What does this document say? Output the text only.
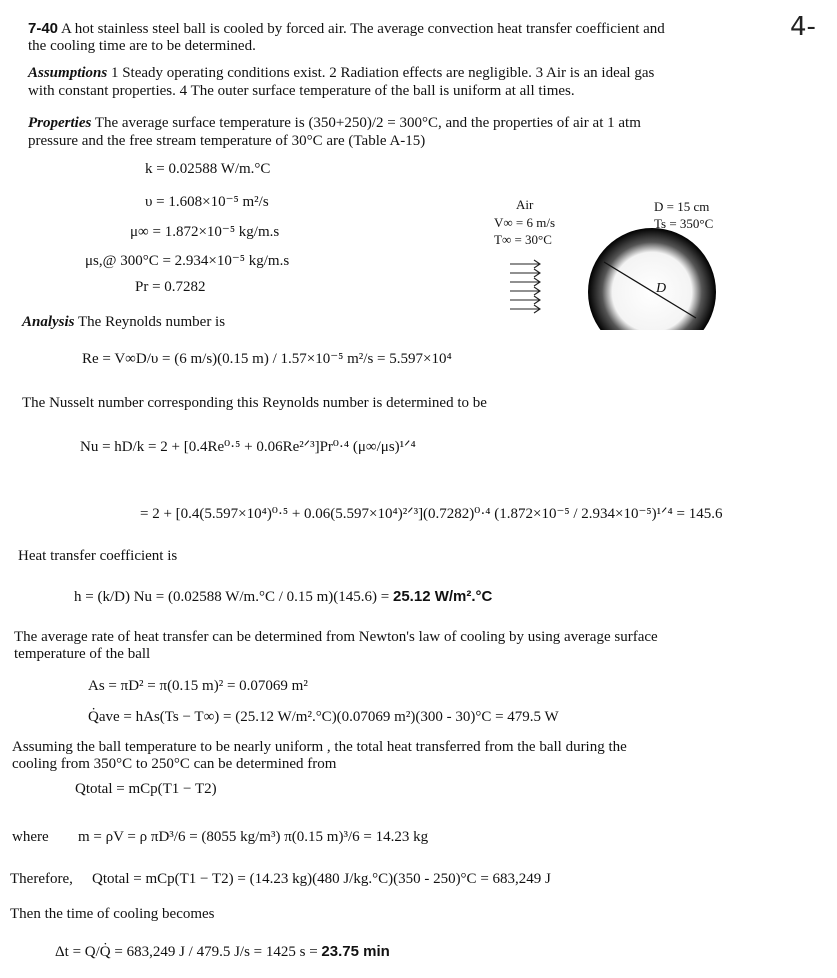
4-
7-40 A hot stainless steel ball is cooled by forced air. The average convection heat transfer coefficient and
the cooling time are to be determined.
Assumptions 1 Steady operating conditions exist. 2 Radiation effects are negligible. 3 Air is an ideal gas
with constant properties. 4 The outer surface temperature of the ball is uniform at all times.
Properties The average surface temperature is (350+250)/2 = 300°C, and the properties of air at 1 atm
pressure and the free stream temperature of 30°C are (Table A-15)
k = 0.02588 W/m.°C
υ = 1.608×10⁻⁵ m²/s
μ∞ = 1.872×10⁻⁵ kg/m.s
μs,@ 300°C = 2.934×10⁻⁵ kg/m.s
Pr = 0.7282
Air
V∞ = 6 m/s
T∞ = 30°C
D = 15 cm
Ts = 350°C
D
Analysis The Reynolds number is
Re = V∞D/υ = (6 m/s)(0.15 m) / 1.57×10⁻⁵ m²/s = 5.597×10⁴
The Nusselt number corresponding this Reynolds number is determined to be
Nu = hD/k = 2 + [0.4Re⁰·⁵ + 0.06Re²ᐟ³]Pr⁰·⁴ (μ∞/μs)¹ᐟ⁴
= 2 + [0.4(5.597×10⁴)⁰·⁵ + 0.06(5.597×10⁴)²ᐟ³](0.7282)⁰·⁴ (1.872×10⁻⁵ / 2.934×10⁻⁵)¹ᐟ⁴ = 145.6
Heat transfer coefficient is
h = (k/D) Nu = (0.02588 W/m.°C / 0.15 m)(145.6) = 25.12 W/m².°C
The average rate of heat transfer can be determined from Newton's law of cooling by using average surface
temperature of the ball
As = πD² = π(0.15 m)² = 0.07069 m²
Q̇ave = hAs(Ts − T∞) = (25.12 W/m².°C)(0.07069 m²)(300 - 30)°C = 479.5 W
Assuming the ball temperature to be nearly uniform , the total heat transferred from the ball during the
cooling from 350°C to 250°C can be determined from
Qtotal = mCp(T1 − T2)
where m = ρV = ρ πD³/6 = (8055 kg/m³) π(0.15 m)³/6 = 14.23 kg
Therefore, Qtotal = mCp(T1 − T2) = (14.23 kg)(480 J/kg.°C)(350 - 250)°C = 683,249 J
Then the time of cooling becomes
Δt = Q/Q̇ = 683,249 J / 479.5 J/s = 1425 s = 23.75 min
